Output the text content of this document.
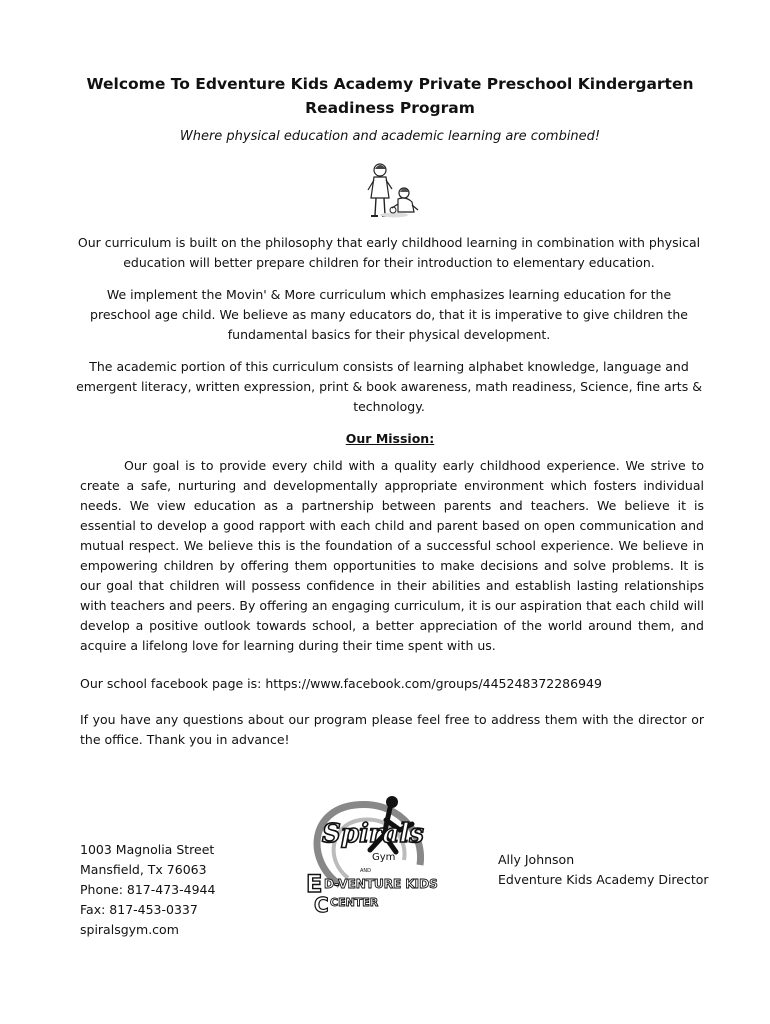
Welcome To Edventure Kids Academy Private Preschool Kindergarten Readiness Program
Where physical education and academic learning are combined!
Our curriculum is built on the philosophy that early childhood learning in combination with physical education will better prepare children for their introduction to elementary education.
We implement the Movin' & More curriculum which emphasizes learning education for the preschool age child. We believe as many educators do, that it is imperative to give children the fundamental basics for their physical development.
The academic portion of this curriculum consists of learning alphabet knowledge, language and emergent literacy, written expression, print & book awareness, math readiness, Science, fine arts & technology.
Our Mission:
Our goal is to provide every child with a quality early childhood experience. We strive to create a safe, nurturing and developmentally appropriate environment which fosters individual needs. We view education as a partnership between parents and teachers. We believe it is essential to develop a good rapport with each child and parent based on open communication and mutual respect. We believe this is the foundation of a successful school experience. We believe in empowering children by offering them opportunities to make decisions and solve problems. It is our goal that children will possess confidence in their abilities and establish lasting relationships with teachers and peers. By offering an engaging curriculum, it is our aspiration that each child will develop a positive outlook towards school, a better appreciation of the world around them, and acquire a lifelong love for learning during their time spent with us.
Our school facebook page is: https://www.facebook.com/groups/445248372286949
If you have any questions about our program please feel free to address them with the director or the office. Thank you in advance!
1003 Magnolia Street
Mansfield, Tx 76063
Phone: 817-473-4944
Fax: 817-453-0337
spiralsgym.com
Spirals
Gym
AND
E D-VENTURE KIDS
C CENTER
Ally Johnson
Edventure Kids Academy Director
